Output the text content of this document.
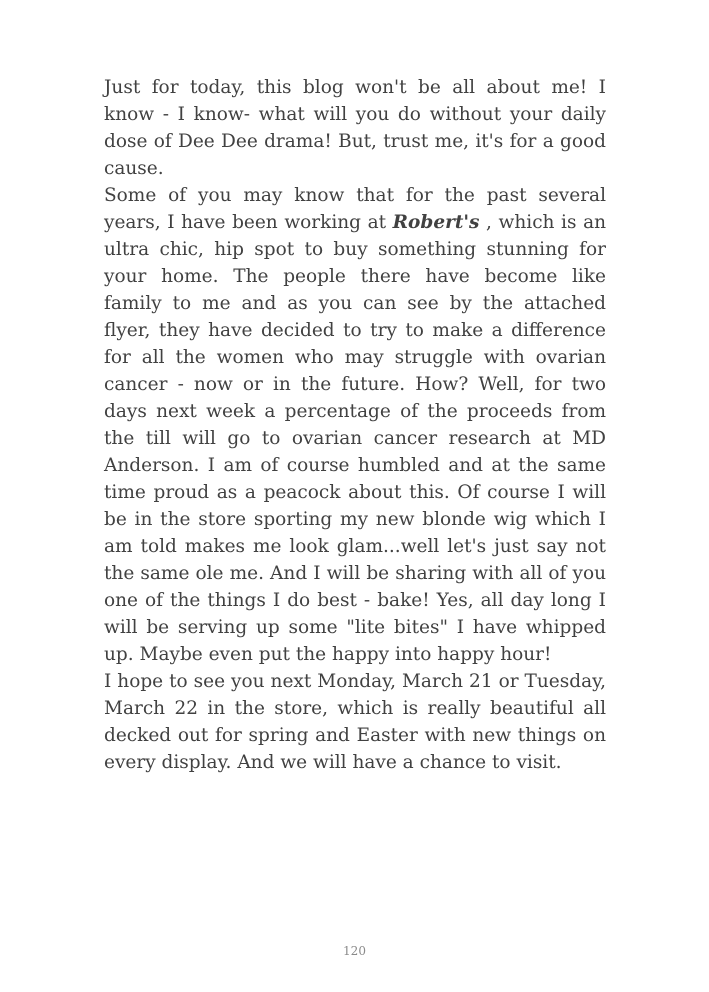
Just for today, this blog won't be all about me! I know - I know- what will you do without your daily dose of Dee Dee drama! But, trust me, it's for a good cause.

Some of you may know that for the past several years, I have been working at Robert's , which is an ultra chic, hip spot to buy something stunning for your home. The people there have become like family to me and as you can see by the attached flyer, they have decided to try to make a difference for all the women who may struggle with ovarian cancer - now or in the future. How? Well, for two days next week a percentage of the proceeds from the till will go to ovarian cancer research at MD Anderson. I am of course humbled and at the same time proud as a peacock about this. Of course I will be in the store sporting my new blonde wig which I am told makes me look glam...well let's just say not the same ole me. And I will be sharing with all of you one of the things I do best - bake! Yes, all day long I will be serving up some "lite bites" I have whipped up. Maybe even put the happy into happy hour!

I hope to see you next Monday, March 21 or Tuesday, March 22 in the store, which is really beautiful all decked out for spring and Easter with new things on every display. And we will have a chance to visit.

120
